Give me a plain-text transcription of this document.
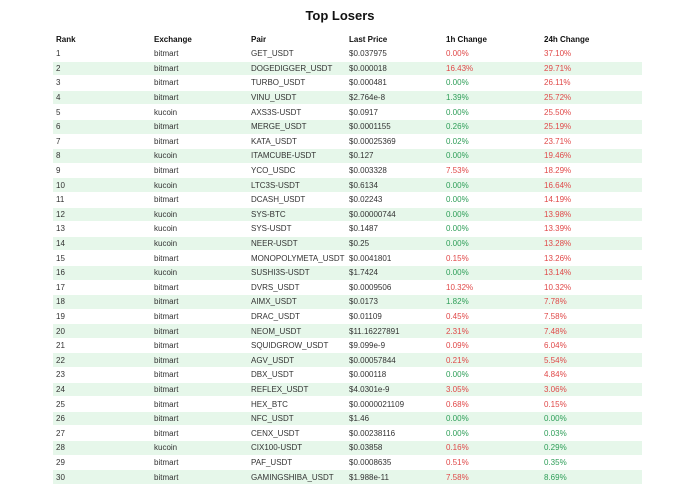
Top Losers
Rank	Exchange	Pair	Last Price	1h Change	24h Change
1	bitmart	GET_USDT	$0.037975	0.00%	37.10%
2	bitmart	DOGEDIGGER_USDT	$0.000018	16.43%	29.71%
3	bitmart	TURBO_USDT	$0.000481	0.00%	26.11%
4	bitmart	VINU_USDT	$2.764e-8	1.39%	25.72%
5	kucoin	AXS3S-USDT	$0.0917	0.00%	25.50%
6	bitmart	MERGE_USDT	$0.0001155	0.26%	25.19%
7	bitmart	KATA_USDT	$0.00025369	0.02%	23.71%
8	kucoin	ITAMCUBE-USDT	$0.127	0.00%	19.46%
9	bitmart	YCO_USDC	$0.003328	7.53%	18.29%
10	kucoin	LTC3S-USDT	$0.6134	0.00%	16.64%
11	bitmart	DCASH_USDT	$0.02243	0.00%	14.19%
12	kucoin	SYS-BTC	$0.00000744	0.00%	13.98%
13	kucoin	SYS-USDT	$0.1487	0.00%	13.39%
14	kucoin	NEER-USDT	$0.25	0.00%	13.28%
15	bitmart	MONOPOLYMETA_USDT	$0.0041801	0.15%	13.26%
16	kucoin	SUSHI3S-USDT	$1.7424	0.00%	13.14%
17	bitmart	DVRS_USDT	$0.0009506	10.32%	10.32%
18	bitmart	AIMX_USDT	$0.0173	1.82%	7.78%
19	bitmart	DRAC_USDT	$0.01109	0.45%	7.58%
20	bitmart	NEOM_USDT	$11.16227891	2.31%	7.48%
21	bitmart	SQUIDGROW_USDT	$9.099e-9	0.09%	6.04%
22	bitmart	AGV_USDT	$0.00057844	0.21%	5.54%
23	bitmart	DBX_USDT	$0.000118	0.00%	4.84%
24	bitmart	REFLEX_USDT	$4.0301e-9	3.05%	3.06%
25	bitmart	HEX_BTC	$0.0000021109	0.68%	0.15%
26	bitmart	NFC_USDT	$1.46	0.00%	0.00%
27	bitmart	CENX_USDT	$0.00238116	0.00%	0.03%
28	kucoin	CIX100-USDT	$0.03858	0.16%	0.29%
29	bitmart	PAF_USDT	$0.0008635	0.51%	0.35%
30	bitmart	GAMINGSHIBA_USDT	$1.988e-11	7.58%	8.69%
